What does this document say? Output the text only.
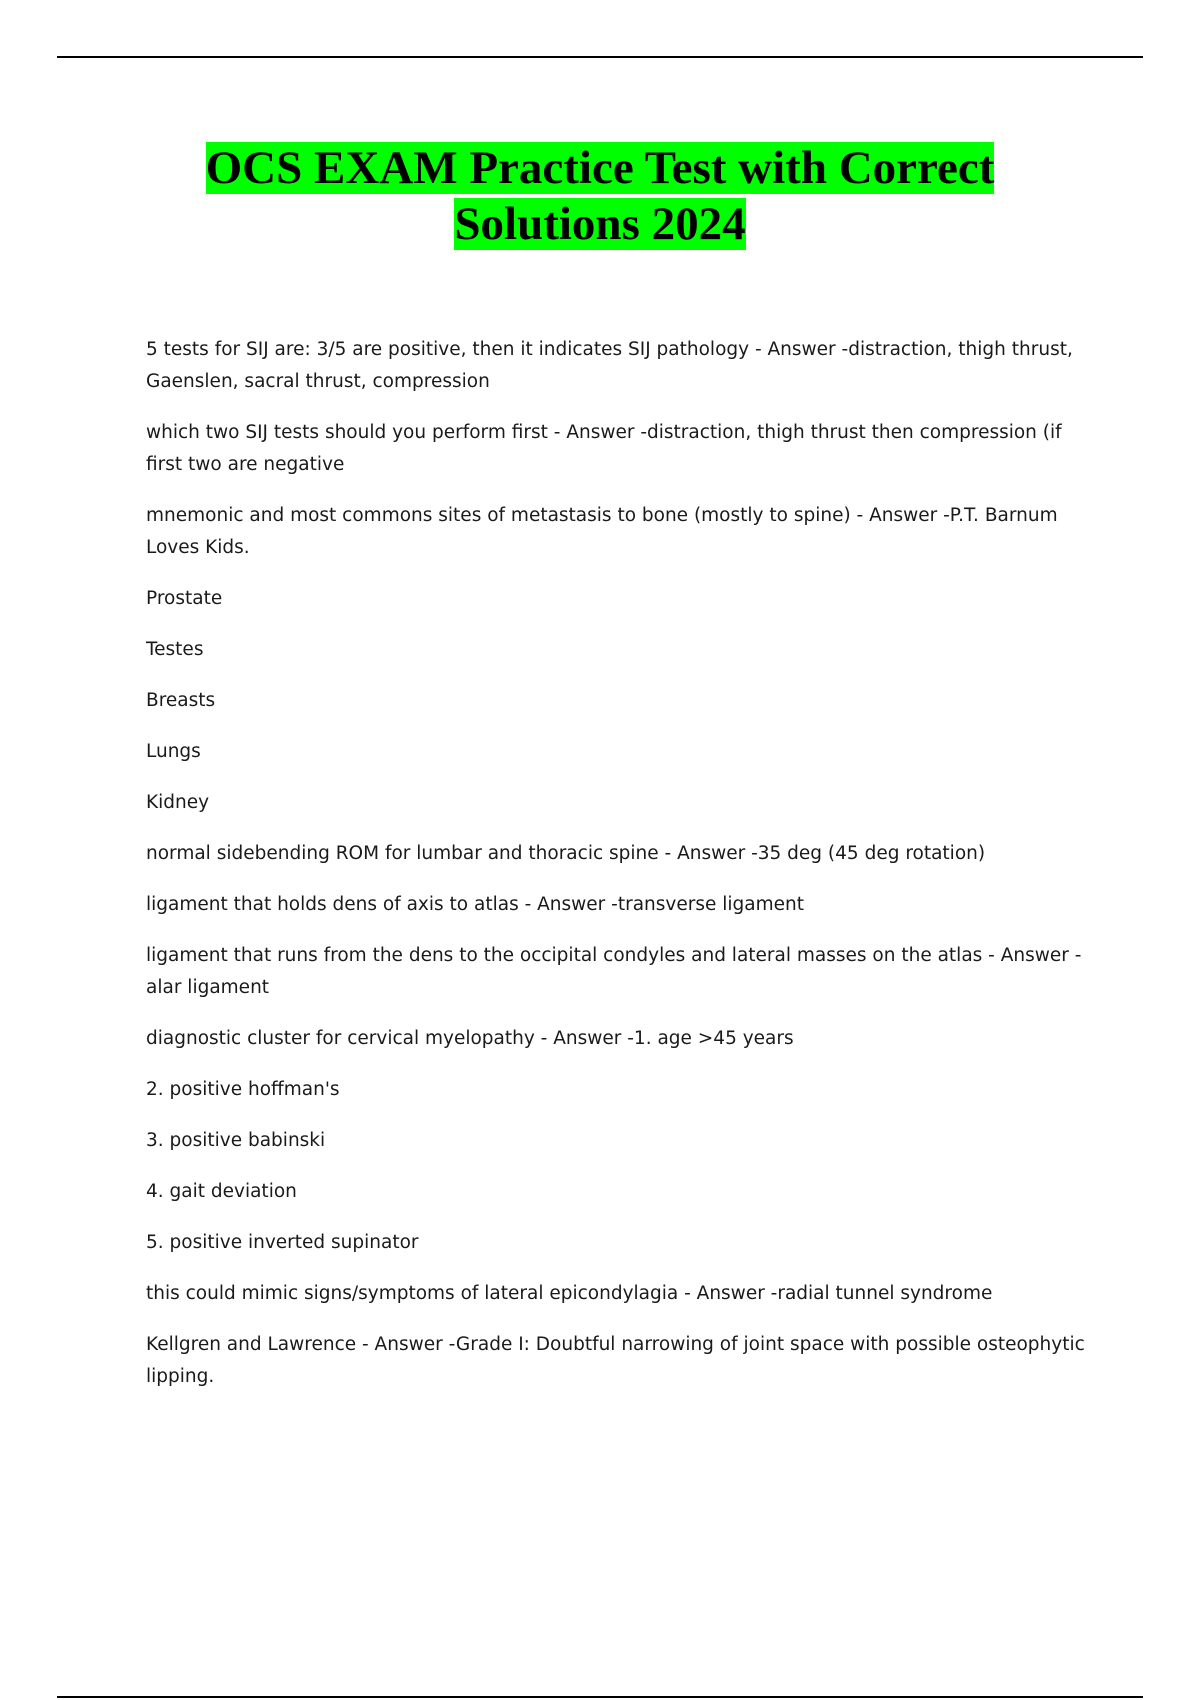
OCS EXAM Practice Test with Correct
Solutions 2024

5 tests for SIJ are: 3/5 are positive, then it indicates SIJ pathology - Answer -distraction, thigh thrust, Gaenslen, sacral thrust, compression

which two SIJ tests should you perform first - Answer -distraction, thigh thrust then compression (if first two are negative

mnemonic and most commons sites of metastasis to bone (mostly to spine) - Answer -P.T. Barnum Loves Kids.

Prostate

Testes

Breasts

Lungs

Kidney

normal sidebending ROM for lumbar and thoracic spine - Answer -35 deg (45 deg rotation)

ligament that holds dens of axis to atlas - Answer -transverse ligament

ligament that runs from the dens to the occipital condyles and lateral masses on the atlas - Answer -alar ligament

diagnostic cluster for cervical myelopathy - Answer -1. age >45 years

2. positive hoffman's

3. positive babinski

4. gait deviation

5. positive inverted supinator

this could mimic signs/symptoms of lateral epicondylagia - Answer -radial tunnel syndrome

Kellgren and Lawrence - Answer -Grade I: Doubtful narrowing of joint space with possible osteophytic lipping.
